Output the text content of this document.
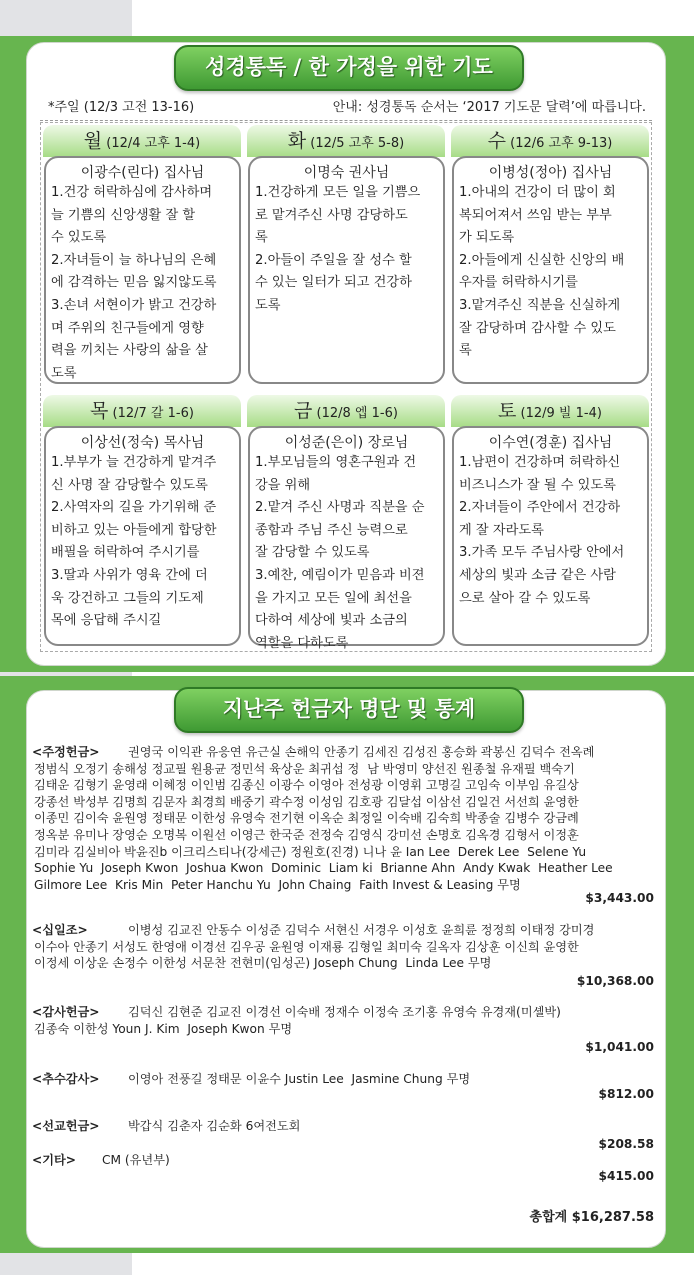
성경통독 / 한 가정을 위한 기도
*주일 (12/3 고전 13-16)	안내: 성경통독 순서는 ‘2017 기도문 달력’에 따릅니다.
월 (12/4 고후 1-4)
이광수(린다) 집사님
1.건강 허락하심에 감사하며
늘 기쁨의 신앙생활 잘 할
수 있도록
2.자녀들이 늘 하나님의 은혜
에 감격하는 믿음 잃지않도록
3.손녀 서현이가 밝고 건강하
며 주위의 친구들에게 영향
력을 끼치는 사랑의 삶을 살
도록
화 (12/5 고후 5-8)
이명숙 권사님
1.건강하게 모든 일을 기쁨으
로 맡겨주신 사명 감당하도
록
2.아들이 주일을 잘 성수 할
수 있는 일터가 되고 건강하
도록
수 (12/6 고후 9-13)
이병성(정아) 집사님
1.아내의 건강이 더 많이 회
복되어져서 쓰임 받는 부부
가 되도록
2.아들에게 신실한 신앙의 배
우자를 허락하시기를
3.맡겨주신 직분을 신실하게
잘 감당하며 감사할 수 있도
록
목 (12/7 갈 1-6)
이상선(정숙) 목사님
1.부부가 늘 건강하게 맡겨주
신 사명 잘 감당할수 있도록
2.사역자의 길을 가기위해 준
비하고 있는 아들에게 합당한
배필을 허락하여 주시기를
3.딸과 사위가 영육 간에 더
욱 강건하고 그들의 기도제
목에 응답해 주시길
금 (12/8 엡 1-6)
이성준(은이) 장로님
1.부모님들의 영혼구원과 건
강을 위해
2.맡겨 주신 사명과 직분을 순
종함과 주님 주신 능력으로
잘 감당할 수 있도록
3.예찬, 예림이가 믿음과 비젼
을 가지고 모든 일에 최선을
다하여 세상에 빛과 소금의
역할을 다하도록
토 (12/9 빌 1-4)
이수연(경훈) 집사님
1.남편이 건강하며 허락하신
비즈니스가 잘 될 수 있도록
2.자녀들이 주안에서 건강하
게 잘 자라도록
3.가족 모두 주님사랑 안에서
세상의 빛과 소금 같은 사람
으로 살아 갈 수 있도록
지난주 헌금자 명단 및 통계
<주정헌금> 권영국 이익관 유응연 유근실 손해익 안종기 김세진 김성진 홍승화 곽봉신 김덕수 전옥례
정범식 오정기 송해성 정교필 원용균 정민석 육상운 최귀섭 정  남 박영미 양선진 원종철 유재필 백숙기
김태운 김형기 윤영래 이혜정 이인범 김종신 이광수 이영아 전성광 이영휘 고명길 고임숙 이부임 유길상
강종선 박성부 김명희 김문자 최경희 배중기 곽수정 이성임 김호광 김달섭 이삼선 김일건 서선희 윤영한
이종민 김이숙 윤원영 정태문 이한성 유영숙 전기현 이옥순 최정일 이숙배 김숙희 박종술 김병수 강금례
정옥분 유미나 장영순 오명복 이원선 이영근 한국준 전정숙 김영식 강미선 손명호 김옥경 김형서 이정훈
김미라 김실비아 박윤진b 이크리스티나(강세근) 정원호(진경) 니나 윤 Ian Lee  Derek Lee  Selene Yu
Sophie Yu  Joseph Kwon  Joshua Kwon  Dominic  Liam ki  Brianne Ahn  Andy Kwak  Heather Lee
Gilmore Lee  Kris Min  Peter Hanchu Yu  John Chaing  Faith Invest & Leasing 무명
$3,443.00
<십일조>	이병성 김교진 안동수 이성준 김덕수 서현신 서경우 이성호 윤희륜 정정희 이태정 강미경
이수아 안종기 서성도 한영애 이경선 김우공 윤원영 이재룡 김형일 최미숙 길옥자 김상훈 이신희 윤영한
이정세 이상운 손정수 이한성 서문찬 전현미(임성곤) Joseph Chung  Linda Lee 무명
$10,368.00
<감사헌금> 김덕신 김현준 김교진 이경선 이숙배 정재수 이정숙 조기홍 유영숙 유경재(미셸박)
김종숙 이한성 Youn J. Kim  Joseph Kwon 무명
$1,041.00
<추수감사> 이영아 전풍길 정태문 이윤수 Justin Lee  Jasmine Chung 무명
$812.00
<선교헌금> 박갑식 김춘자 김순화 6여전도회
$208.58
<기타> CM (유년부)
$415.00
총합계 $16,287.58
